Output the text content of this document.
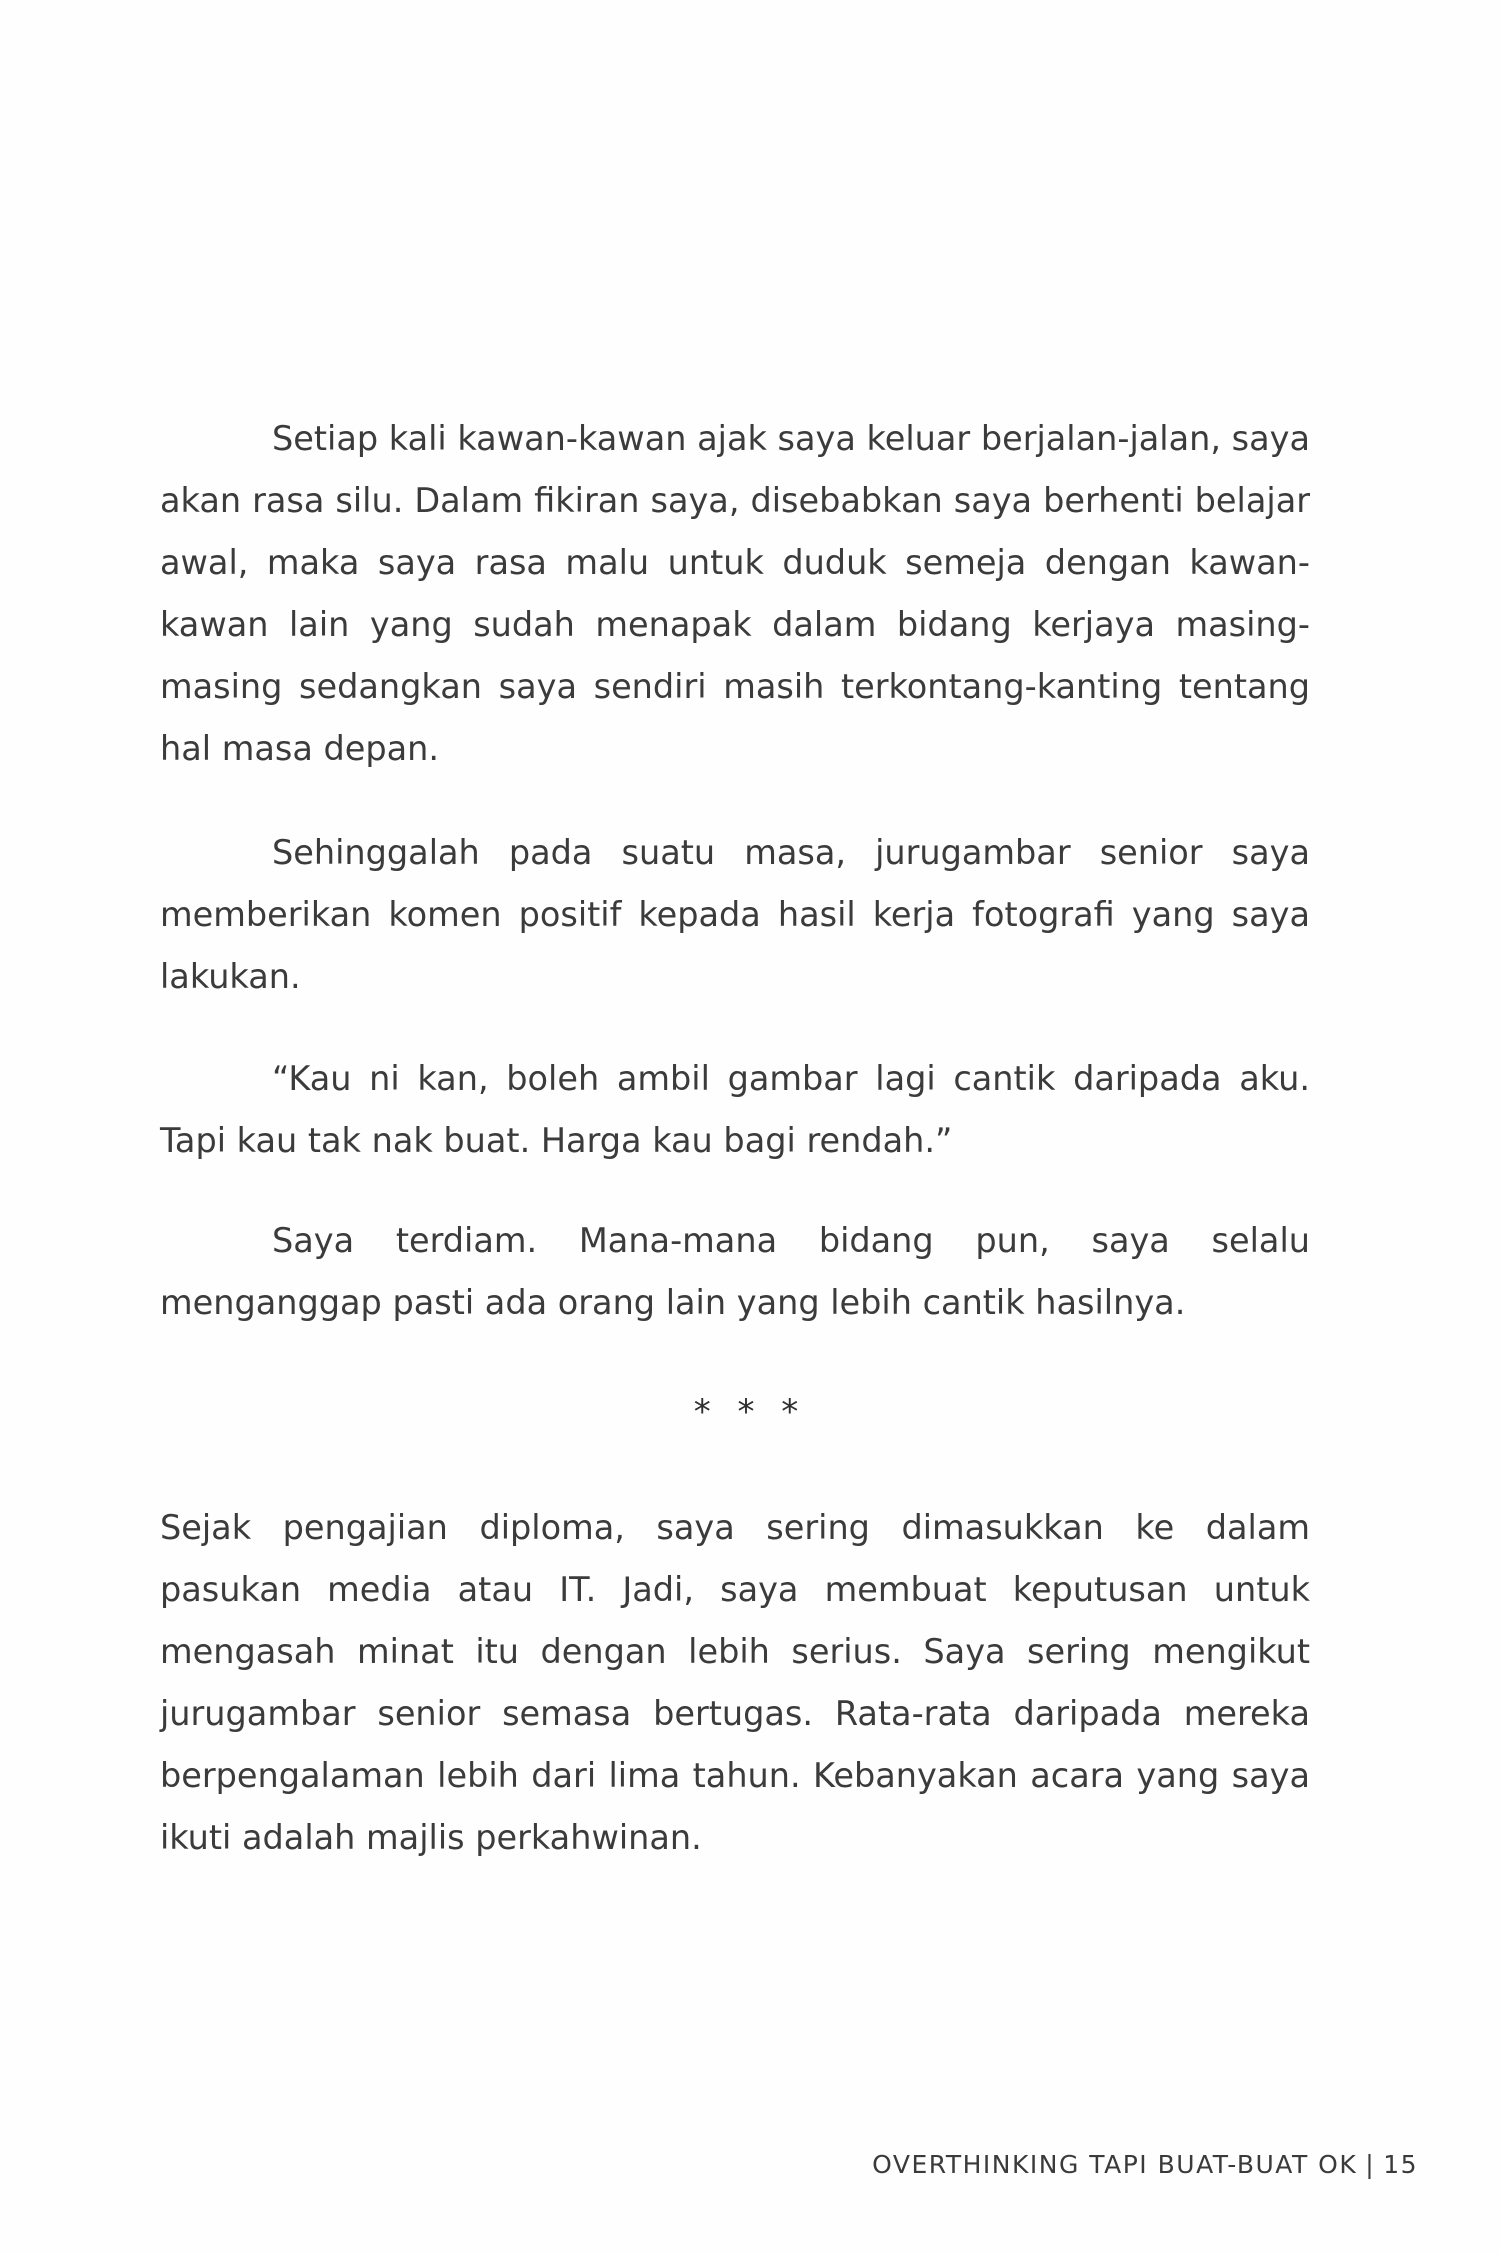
Setiap kali kawan-kawan ajak saya keluar berjalan-jalan, saya akan rasa silu. Dalam fikiran saya, disebabkan saya berhenti belajar awal, maka saya rasa malu untuk duduk semeja dengan kawan-kawan lain yang sudah menapak dalam bidang kerjaya masing-masing sedangkan saya sendiri masih terkontang-kanting tentang hal masa depan.

Sehinggalah pada suatu masa, jurugambar senior saya memberikan komen positif kepada hasil kerja fotografi yang saya lakukan.

“Kau ni kan, boleh ambil gambar lagi cantik daripada aku. Tapi kau tak nak buat. Harga kau bagi rendah.”

Saya terdiam. Mana-mana bidang pun, saya selalu menganggap pasti ada orang lain yang lebih cantik hasilnya.

* * *

Sejak pengajian diploma, saya sering dimasukkan ke dalam pasukan media atau IT. Jadi, saya membuat keputusan untuk mengasah minat itu dengan lebih serius. Saya sering mengikut jurugambar senior semasa bertugas. Rata-rata daripada mereka berpengalaman lebih dari lima tahun. Kebanyakan acara yang saya ikuti adalah majlis perkahwinan.

OVERTHINKING TAPI BUAT-BUAT OK | 15
